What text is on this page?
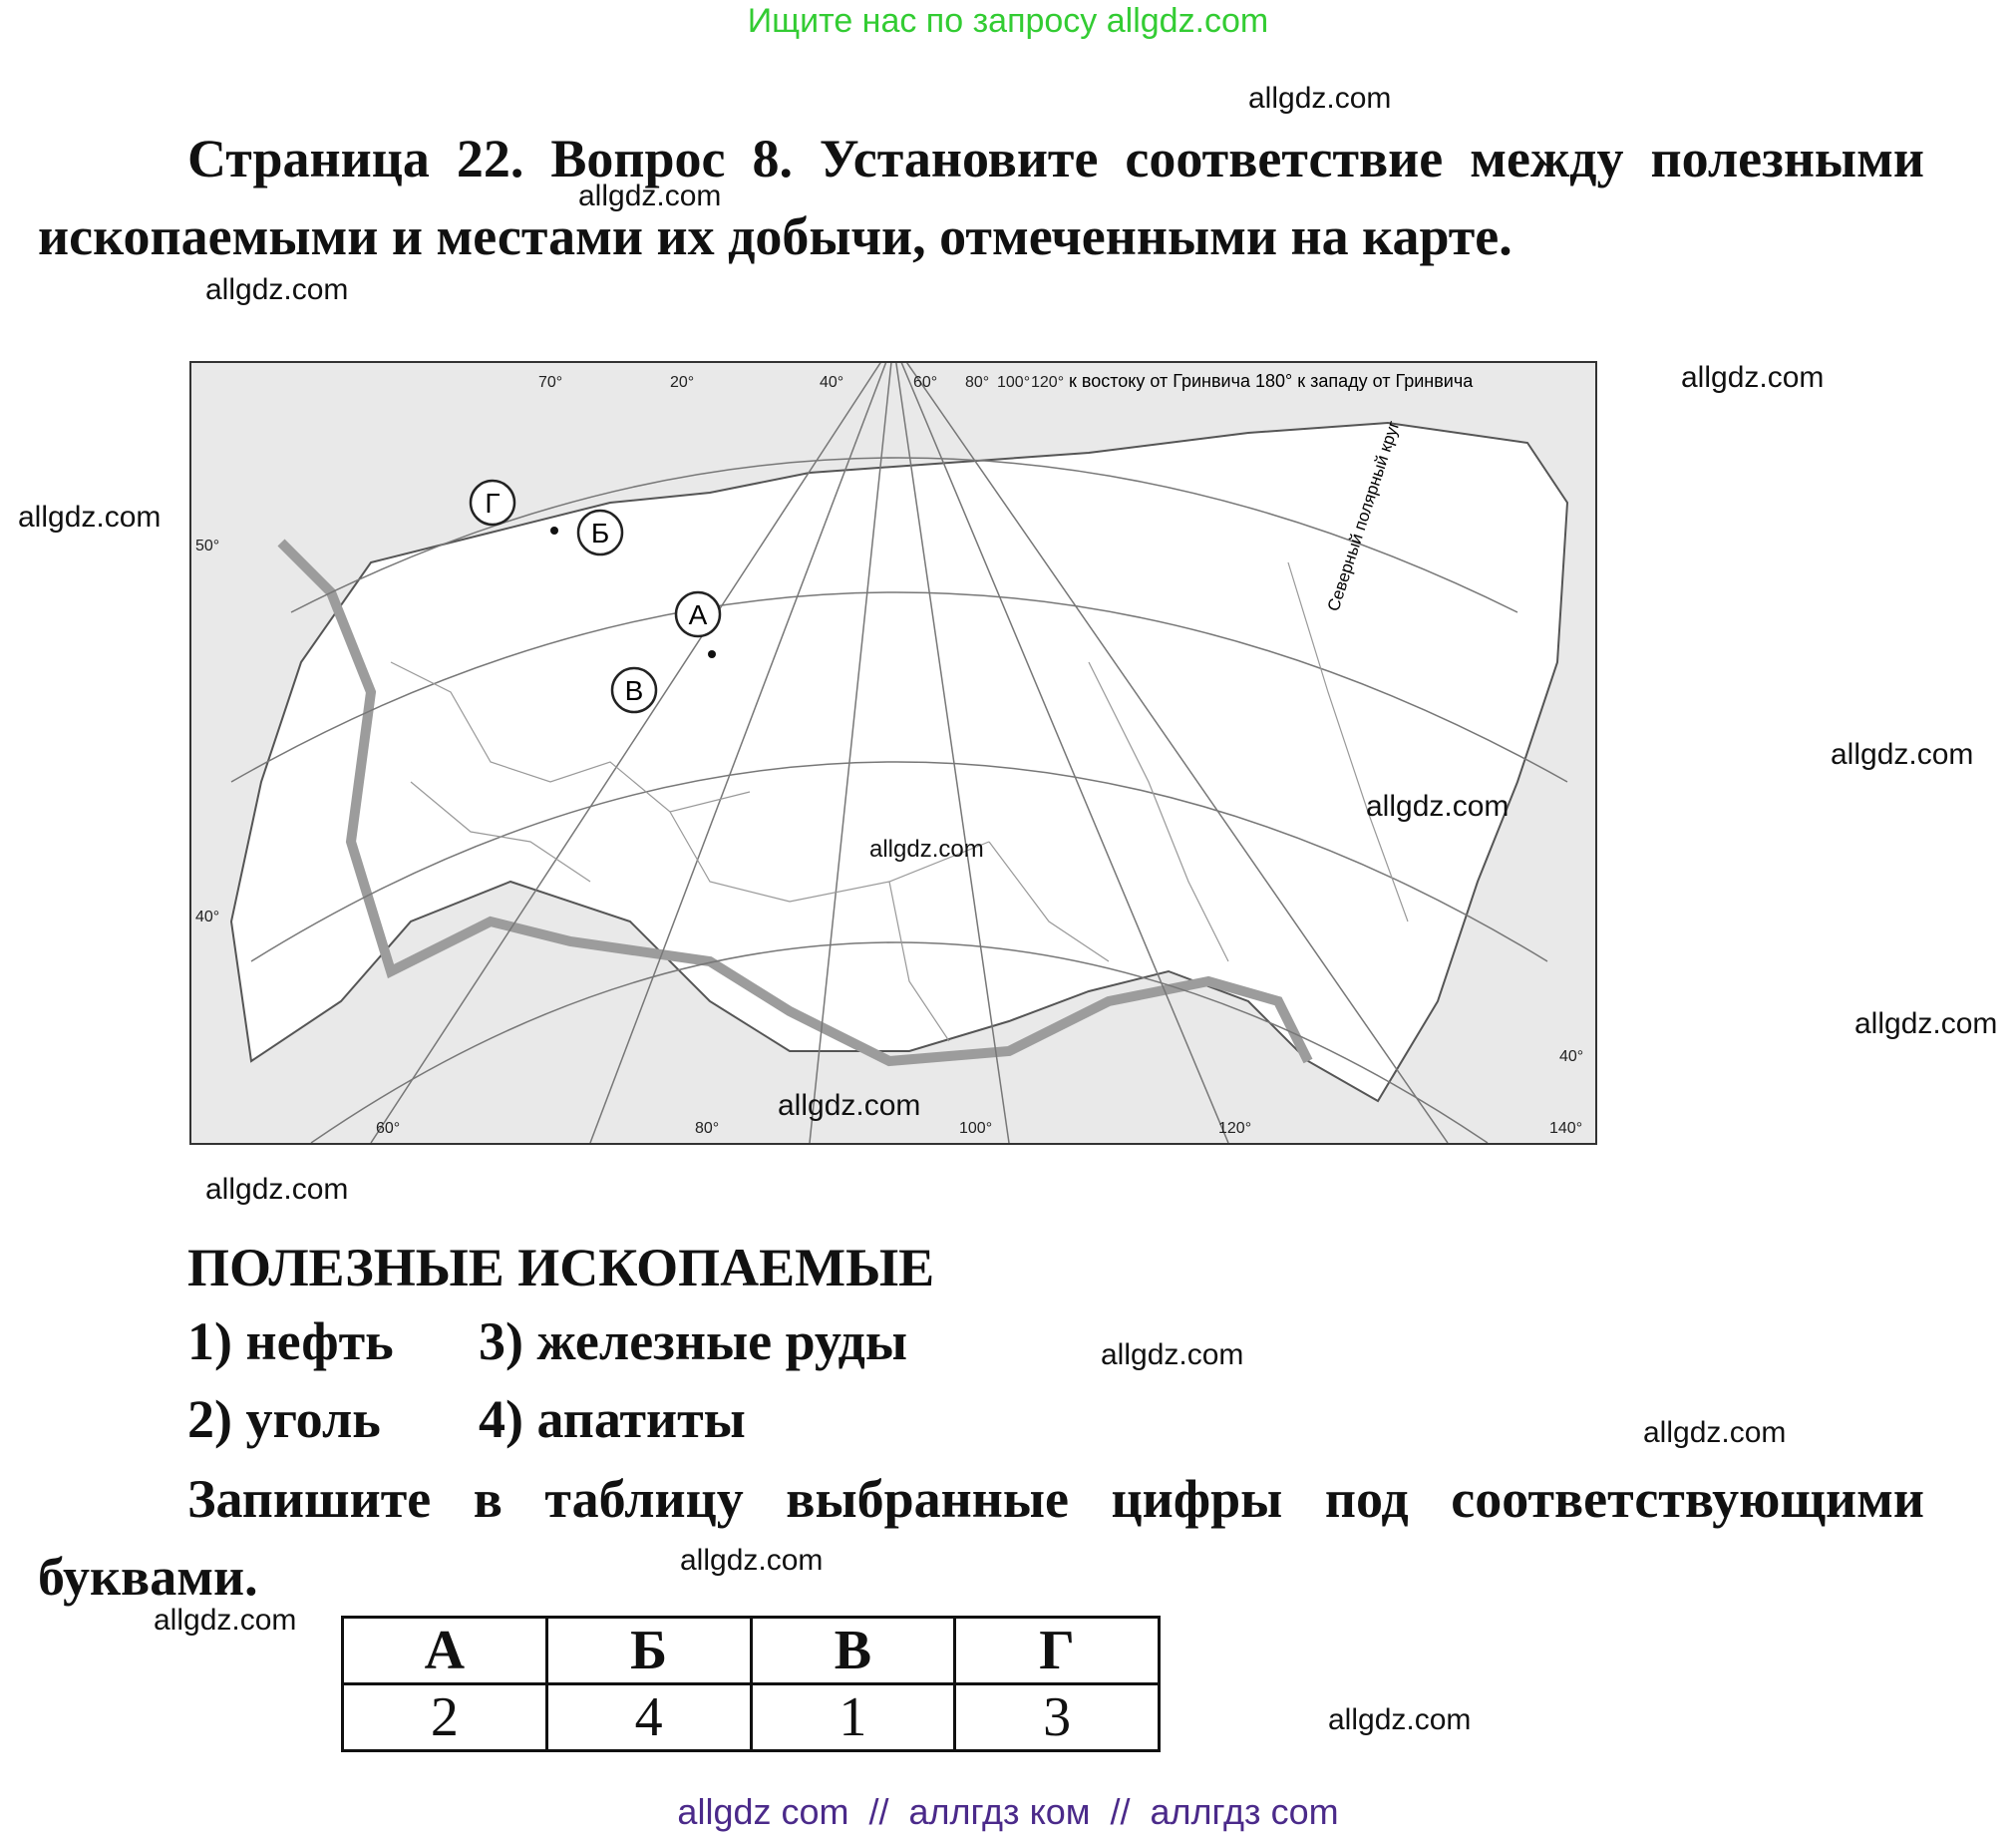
Ищите нас по запросу allgdz.com
allgdz.com
allgdz.com
allgdz.com
allgdz.com
allgdz.com
allgdz.com
allgdz.com
allgdz.com
allgdz.com
allgdz.com
allgdz.com
allgdz.com
allgdz.com
allgdz.com
allgdz.com
allgdz.com
Страница 22. Вопрос 8. Установите соответствие между полезными ископаемыми и местами их добычи, отмеченными на карте.
Г
Б
А
В
к востоку от Гринвича 180° к западу от Гринвича
20°	40°	60° 80° 100° 120°
60°	80°	100°	120°	140°
70°
50°
40°
40°
Северный полярный круг
ПОЛЕЗНЫЕ ИСКОПАЕМЫЕ
1) нефть
2) уголь
3) железные руды
4) апатиты
Запишите в таблицу выбранные цифры под соответствующими буквами.
А	Б	В	Г
2	4	1	3
allgdz com  //  аллгдз ком  //  аллгдз com
